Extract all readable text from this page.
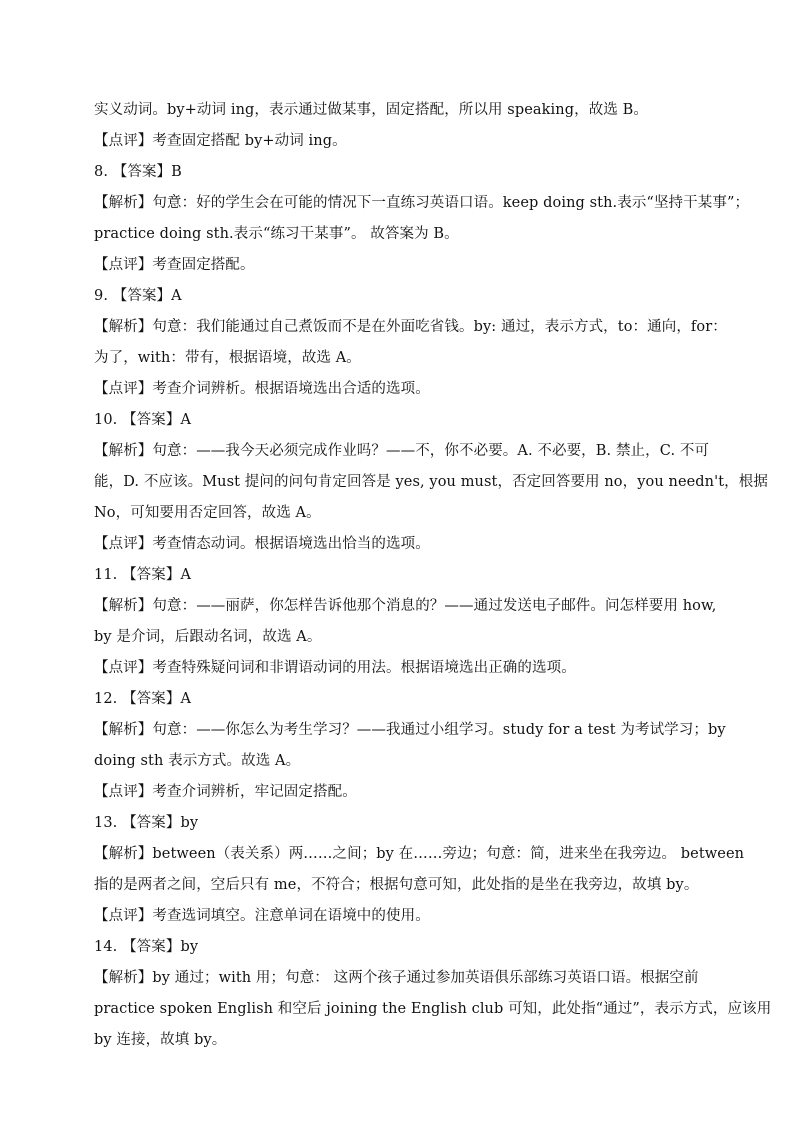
实义动词。by+动词 ing，表示通过做某事，固定搭配，所以用 speaking，故选 B。

【点评】考查固定搭配 by+动词 ing。

8. 【答案】B

【解析】句意：好的学生会在可能的情况下一直练习英语口语。keep doing sth.表示“坚持干某事”；

practice doing sth.表示“练习干某事”。 故答案为 B。

【点评】考查固定搭配。

9. 【答案】A

【解析】句意：我们能通过自己煮饭而不是在外面吃省钱。by: 通过，表示方式，to：通向，for：

为了，with：带有，根据语境，故选 A。

【点评】考查介词辨析。根据语境选出合适的选项。

10. 【答案】A

【解析】句意：——我今天必须完成作业吗？——不，你不必要。A. 不必要，B. 禁止，C. 不可

能，D. 不应该。Must 提问的问句肯定回答是 yes, you must，否定回答要用 no，you needn't，根据

No，可知要用否定回答，故选 A。

【点评】考查情态动词。根据语境选出恰当的选项。

11. 【答案】A

【解析】句意：——丽萨，你怎样告诉他那个消息的？——通过发送电子邮件。问怎样要用 how,

by 是介词，后跟动名词，故选 A。

【点评】考查特殊疑问词和非谓语动词的用法。根据语境选出正确的选项。

12. 【答案】A

【解析】句意：——你怎么为考生学习？——我通过小组学习。study for a test 为考试学习；by

doing sth 表示方式。故选 A。

【点评】考查介词辨析，牢记固定搭配。

13. 【答案】by

【解析】between（表关系）两……之间；by 在……旁边；句意：简，进来坐在我旁边。 between

指的是两者之间，空后只有 me，不符合；根据句意可知，此处指的是坐在我旁边，故填 by。

【点评】考查选词填空。注意单词在语境中的使用。

14. 【答案】by

【解析】by 通过；with 用；句意： 这两个孩子通过参加英语俱乐部练习英语口语。根据空前

practice spoken English 和空后 joining the English club 可知，此处指“通过”，表示方式，应该用

by 连接，故填 by。
